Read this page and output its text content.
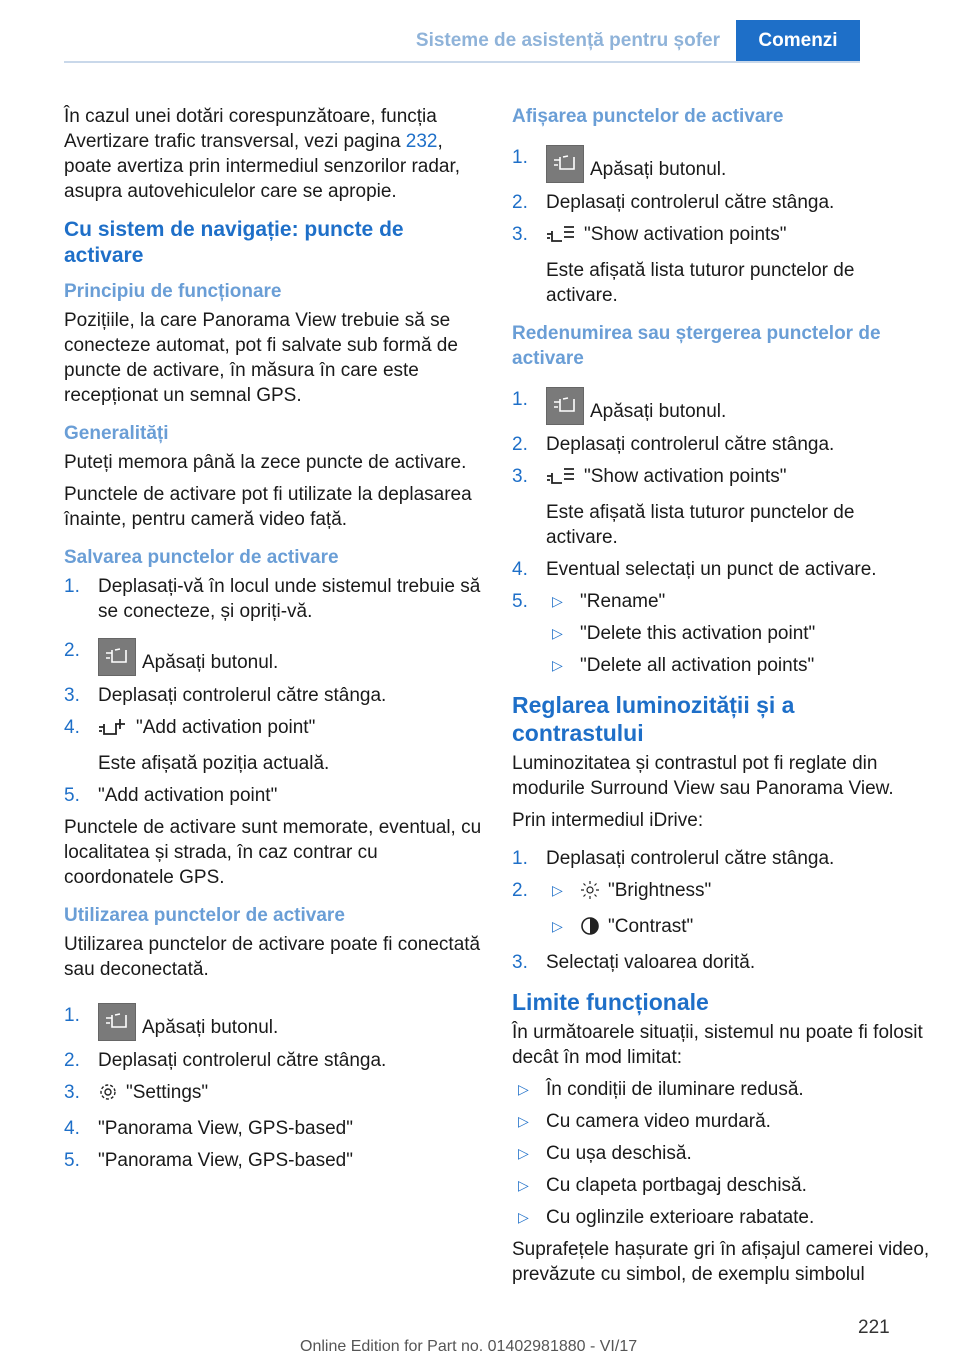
Sisteme de asistență pentru șofer	Comenzi

În cazul unei dotări corespunzătoare, funcția Avertizare trafic transversal, vezi pagina 232, poate avertiza prin intermediul senzorilor radar, asupra autovehiculelor care se apropie.

Cu sistem de navigație: puncte de activare
Principiu de funcționare

Pozițiile, la care Panorama View trebuie să se conecteze automat, pot fi salvate sub formă de puncte de activare, în măsura în care este recepționat un semnal GPS.

Generalități

Puteți memora până la zece puncte de activare.

Punctele de activare pot fi utilizate la deplasarea înainte, pentru cameră video față.

Salvarea punctelor de activare
1. Deplasați-vă în locul unde sistemul trebuie să se conecteze, și opriți-vă.
2.
Apăsați butonul.
3. Deplasați controlerul către stânga.
4.	"Add activation point"
Este afișată poziția actuală.
5. "Add activation point"

Punctele de activare sunt memorate, eventual, cu localitatea și strada, în caz contrar cu coordonatele GPS.

Utilizarea punctelor de activare

Utilizarea punctelor de activare poate fi conectată sau deconectată.

1.
Apăsați butonul.
2. Deplasați controlerul către stânga.
3. "Settings"
4. "Panorama View, GPS-based"
5. "Panorama View, GPS-based"
Afișarea punctelor de activare
1.
Apăsați butonul.
2. Deplasați controlerul către stânga.
3.	"Show activation points"
Este afișată lista tuturor punctelor de activare.
Redenumirea sau ștergerea punctelor de activare
1.
Apăsați butonul.
2. Deplasați controlerul către stânga.
3.	"Show activation points"
Este afișată lista tuturor punctelor de activare.
4. Eventual selectați un punct de activare.
5. ▷ "Rename"
▷ "Delete this activation point"
▷ "Delete all activation points"
Reglarea luminozității și a contrastului

Luminozitatea și contrastul pot fi reglate din modurile Surround View sau Panorama View.

Prin intermediul iDrive:

1. Deplasați controlerul către stânga.
2. ▷ "Brightness"
▷ "Contrast"
3. Selectați valoarea dorită.
Limite funcționale

În următoarele situații, sistemul nu poate fi folosit decât în mod limitat:

▷ În condiții de iluminare redusă.
▷ Cu camera video murdară.
▷ Cu ușa deschisă.
▷ Cu clapeta portbagaj deschisă.
▷ Cu oglinzile exterioare rabatate.

Suprafețele hașurate gri în afișajul camerei video, prevăzute cu simbol, de exemplu simbolul

221
Online Edition for Part no. 01402981880 - VI/17
